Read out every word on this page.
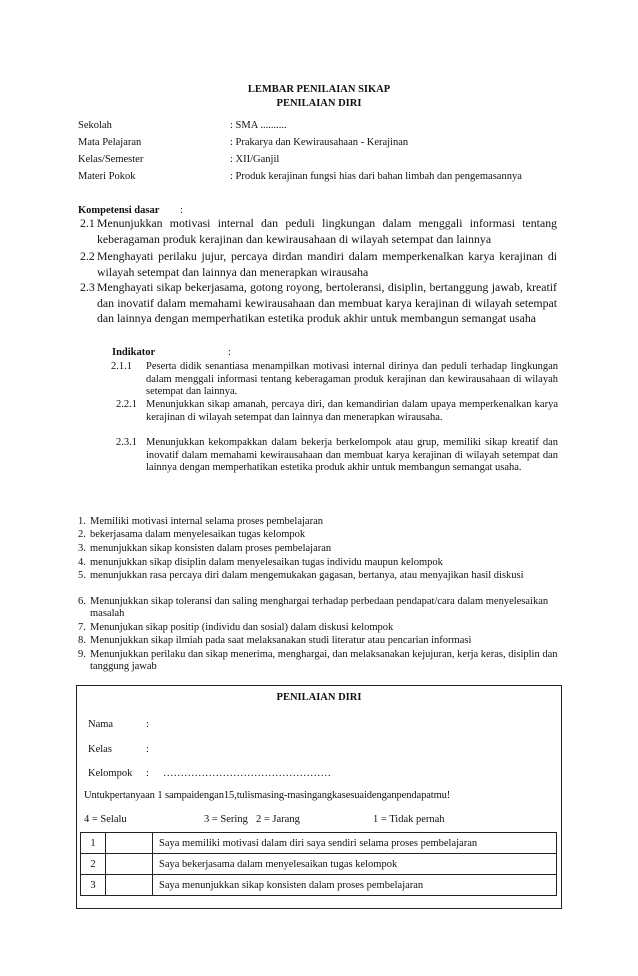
LEMBAR PENILAIAN SIKAP
PENILAIAN DIRI
Sekolah	: SMA ..........
Mata Pelajaran	: Prakarya dan Kewirausahaan - Kerajinan
Kelas/Semester	: XII/Ganjil
Materi Pokok	: Produk kerajinan fungsi hias dari bahan limbah dan pengemasannya
Kompetensi dasar :
2.1 Menunjukkan motivasi internal dan peduli lingkungan dalam menggali informasi tentang keberagaman produk kerajinan dan kewirausahaan di wilayah setempat dan lainnya
2.2 Menghayati perilaku jujur, percaya dirdan mandiri dalam memperkenalkan karya kerajinan di wilayah setempat dan lainnya dan menerapkan wirausaha
2.3 Menghayati sikap bekerjasama, gotong royong, bertoleransi, disiplin, bertanggung jawab, kreatif dan inovatif dalam memahami kewirausahaan dan membuat karya kerajinan di wilayah setempat dan lainnya dengan memperhatikan estetika produk akhir untuk membangun semangat usaha
Indikator	:
2.1.1	Peserta didik senantiasa menampilkan motivasi internal dirinya dan peduli terhadap lingkungan dalam menggali informasi tentang keberagaman produk kerajinan dan kewirausahaan di wilayah setempat dan lainnya.
2.2.1 Menunjukkan sikap amanah, percaya diri, dan kemandirian dalam upaya memperkenalkan karya kerajinan di wilayah setempat dan lainnya dan menerapkan wirausaha.
2.3.1 Menunjukkan kekompakkan dalam bekerja berkelompok atau grup, memiliki sikap kreatif dan inovatif dalam memahami kewirausahaan dan membuat karya kerajinan di wilayah setempat dan lainnya dengan memperhatikan estetika produk akhir untuk membangun semangat usaha.
1. Memiliki motivasi internal selama proses pembelajaran
2. bekerjasama dalam menyelesaikan tugas kelompok
3. menunjukkan sikap konsisten dalam proses pembelajaran
4. menunjukkan sikap disiplin dalam menyelesaikan tugas individu maupun kelompok
5. menunjukkan rasa percaya diri dalam mengemukakan gagasan, bertanya, atau menyajikan hasil diskusi
6. Menunjukkan sikap toleransi dan saling menghargai terhadap perbedaan pendapat/cara dalam menyelesaikan masalah
7. Menunjukan sikap positip (individu dan sosial) dalam diskusi kelompok
8. Menunjukkan sikap ilmiah pada saat melaksanakan studi literatur atau pencarian informasi
9. Menunjukkan perilaku dan sikap menerima, menghargai, dan melaksanakan kejujuran, kerja keras, disiplin dan tanggung jawab
PENILAIAN DIRI
Nama	:
Kelas	:
Kelompok : …………………………………………
Untukpertanyaan 1 sampaidengan15,tulismasing-masingangkasesuaidenganpendapatmu!
4 = Selalu	3 = Sering 2 = Jarang	1 = Tidak pernah
1		Saya memiliki motivasi dalam diri saya sendiri selama proses pembelajaran
2		Saya bekerjasama dalam menyelesaikan tugas kelompok
3		Saya menunjukkan sikap konsisten dalam proses pembelajaran
